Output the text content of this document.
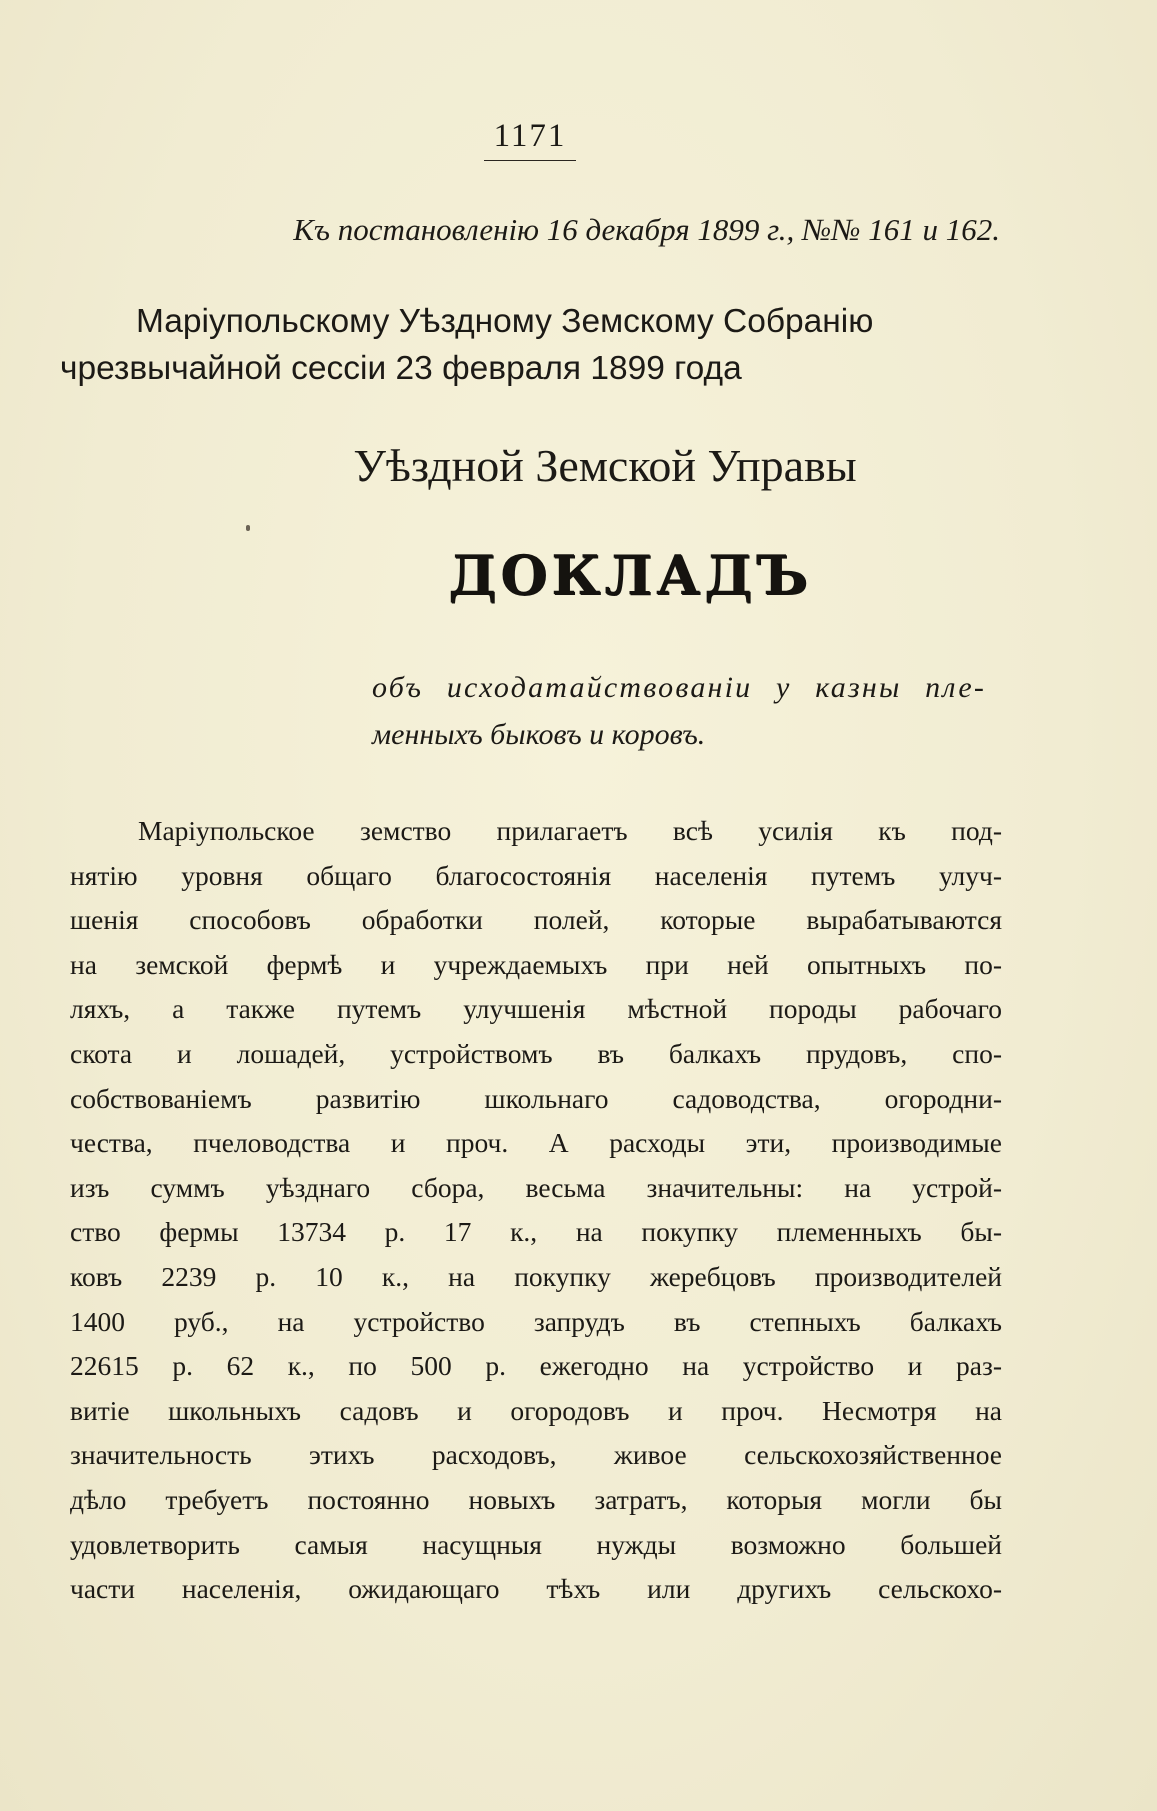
1171
Къ постановленію 16 декабря 1899 г., №№ 161 и 162.
Маріупольскому Уѣздному Земскому Собранію
чрезвычайной сессіи 23 февраля 1899 года
Уѣздной Земской Управы
ДОКЛАДЪ
объ исходатайствованіи у казны пле-
менныхъ быковъ и коровъ.
Маріупольское земство прилагаетъ всѣ усилія къ под-
нятію уровня общаго благосостоянія населенія путемъ улуч-
шенія способовъ обработки полей, которые вырабатываются
на земской фермѣ и учреждаемыхъ при ней опытныхъ по-
ляхъ, а также путемъ улучшенія мѣстной породы рабочаго
скота и лошадей, устройствомъ въ балкахъ прудовъ, спо-
собствованіемъ развитію школьнаго садоводства, огородни-
чества, пчеловодства и проч. А расходы эти, производимые
изъ суммъ уѣзднаго сбора, весьма значительны: на устрой-
ство фермы 13734 р. 17 к., на покупку племенныхъ бы-
ковъ 2239 р. 10 к., на покупку жеребцовъ производителей
1400 руб., на устройство запрудъ въ степныхъ балкахъ
22615 р. 62 к., по 500 р. ежегодно на устройство и раз-
витіе школьныхъ садовъ и огородовъ и проч. Несмотря на
значительность этихъ расходовъ, живое сельскохозяйственное
дѣло требуетъ постоянно новыхъ затратъ, которыя могли бы
удовлетворить самыя насущныя нужды возможно большей
части населенія, ожидающаго тѣхъ или другихъ сельскохо-
